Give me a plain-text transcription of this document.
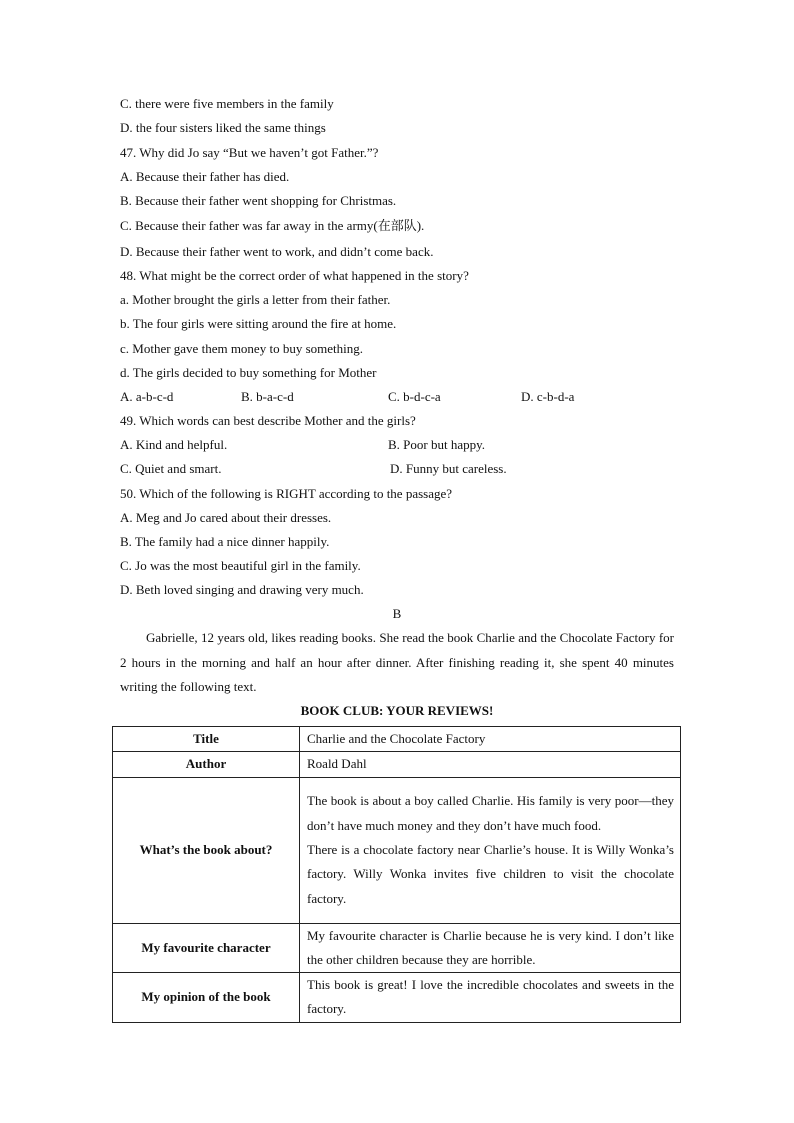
C. there were five members in the family
D. the four sisters liked the same things
47. Why did Jo say “But we haven’t got Father.”?
A. Because their father has died.
B. Because their father went shopping for Christmas.
C. Because their father was far away in the army(在部队).
D. Because their father went to work, and didn’t come back.
48. What might be the correct order of what happened in the story?
a. Mother brought the girls a letter from their father.
b. The four girls were sitting around the fire at home.
c. Mother gave them money to buy something.
d. The girls decided to buy something for Mother
A. a-b-c-d	B. b-a-c-d	C. b-d-c-a	D. c-b-d-a
49. Which words can best describe Mother and the girls?
A. Kind and helpful.	B. Poor but happy.
C. Quiet and smart.	D. Funny but careless.
50. Which of the following is RIGHT according to the passage?
A. Meg and Jo cared about their dresses.
B. The family had a nice dinner happily.
C. Jo was the most beautiful girl in the family.
D. Beth loved singing and drawing very much.
B
Gabrielle, 12 years old, likes reading books. She read the book Charlie and the Chocolate Factory for 2 hours in the morning and half an hour after dinner. After finishing reading it, she spent 40 minutes writing the following text.
BOOK CLUB: YOUR REVIEWS!
Title	Charlie and the Chocolate Factory
Author	Roald Dahl
What’s the book about?	The book is about a boy called Charlie. His family is very poor—they don’t have much money and they don’t have much food.
There is a chocolate factory near Charlie’s house. It is Willy Wonka’s factory. Willy Wonka invites five children to visit the chocolate factory.

My favourite character	My favourite character is Charlie because he is very kind. I don’t like the other children because they are horrible.
My opinion of the book	This book is great! I love the incredible chocolates and sweets in the factory.
